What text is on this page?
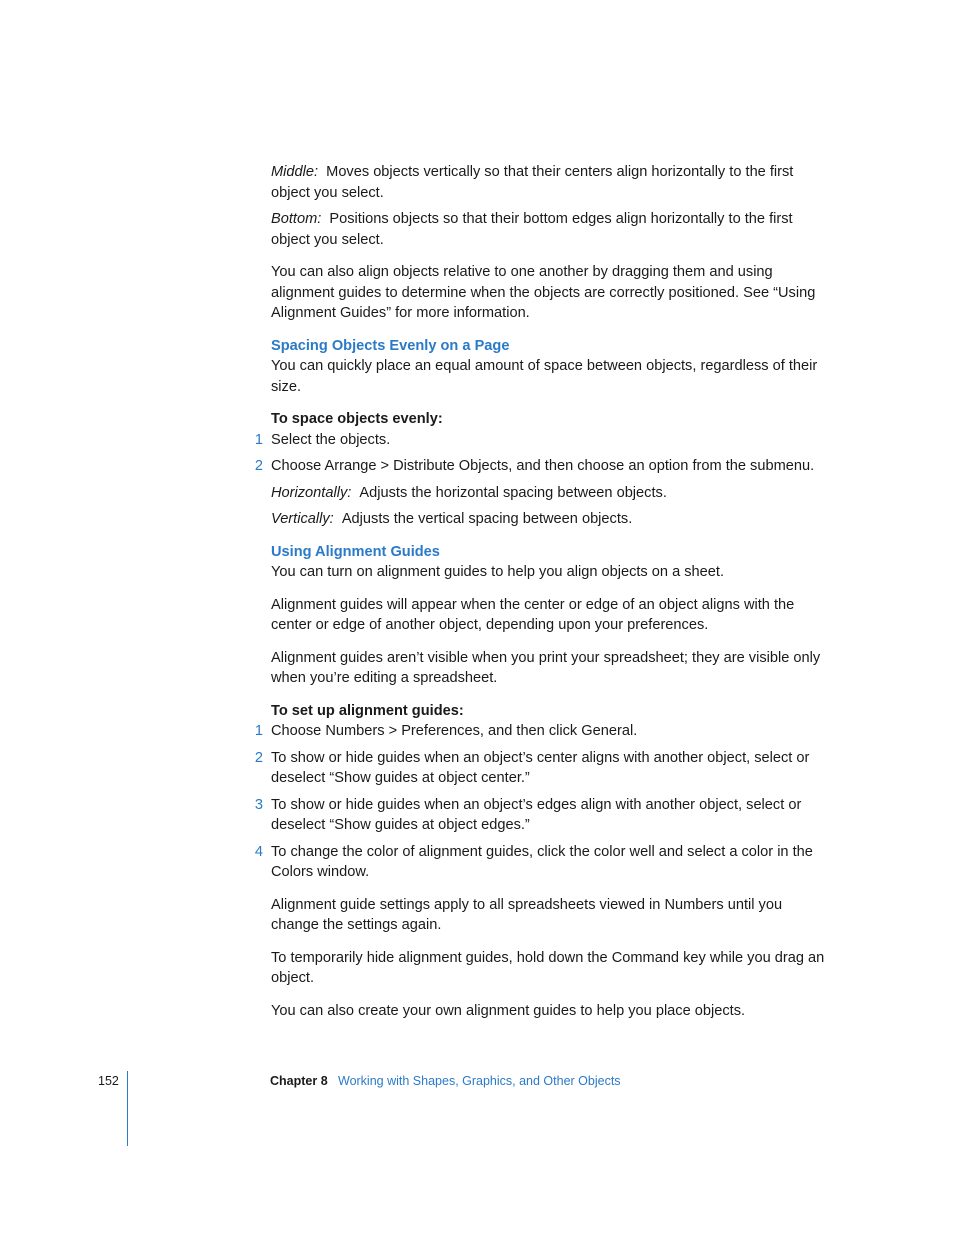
Middle: Moves objects vertically so that their centers align horizontally to the first object you select.

Bottom: Positions objects so that their bottom edges align horizontally to the first object you select.

You can also align objects relative to one another by dragging them and using alignment guides to determine when the objects are correctly positioned. See “Using Alignment Guides” for more information.

Spacing Objects Evenly on a Page

You can quickly place an equal amount of space between objects, regardless of their size.

To space objects evenly:

1 Select the objects.
2 Choose Arrange > Distribute Objects, and then choose an option from the submenu.

Horizontally: Adjusts the horizontal spacing between objects.

Vertically: Adjusts the vertical spacing between objects.

Using Alignment Guides

You can turn on alignment guides to help you align objects on a sheet.

Alignment guides will appear when the center or edge of an object aligns with the center or edge of another object, depending upon your preferences.

Alignment guides aren’t visible when you print your spreadsheet; they are visible only when you’re editing a spreadsheet.

To set up alignment guides:

1 Choose Numbers > Preferences, and then click General.
2 To show or hide guides when an object’s center aligns with another object, select or deselect “Show guides at object center.”
3 To show or hide guides when an object’s edges align with another object, select or deselect “Show guides at object edges.”
4 To change the color of alignment guides, click the color well and select a color in the Colors window.

Alignment guide settings apply to all spreadsheets viewed in Numbers until you change the settings again.

To temporarily hide alignment guides, hold down the Command key while you drag an object.

You can also create your own alignment guides to help you place objects.

152	Chapter 8 Working with Shapes, Graphics, and Other Objects
